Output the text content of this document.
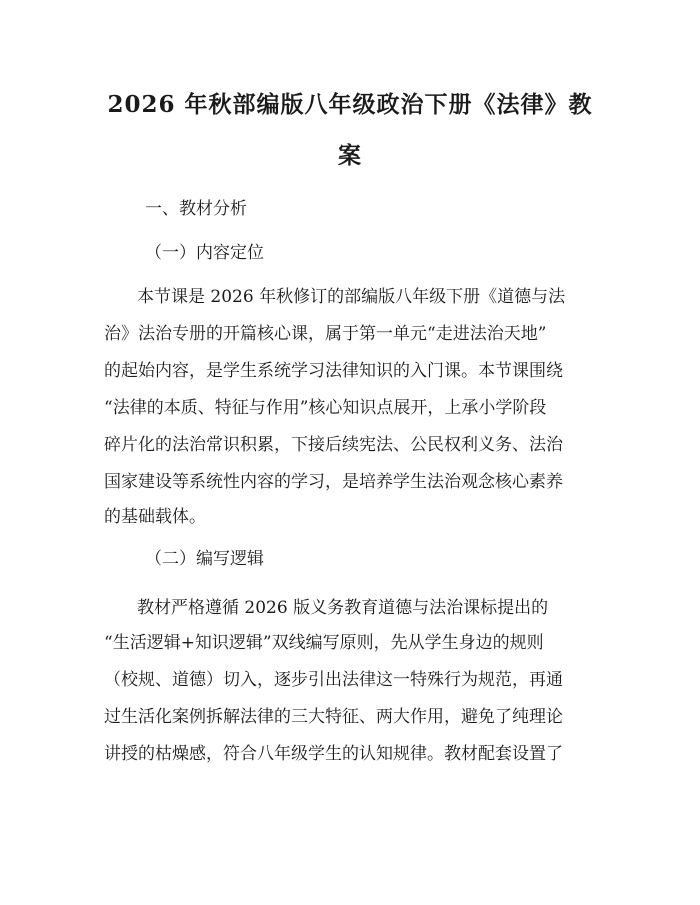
2026 年秋部编版八年级政治下册《法律》教
案
一、教材分析
（一）内容定位
本节课是 2026 年秋修订的部编版八年级下册《道德与法
治》法治专册的开篇核心课，属于第一单元“走进法治天地”
的起始内容，是学生系统学习法律知识的入门课。本节课围绕
“法律的本质、特征与作用”核心知识点展开，上承小学阶段
碎片化的法治常识积累，下接后续宪法、公民权利义务、法治
国家建设等系统性内容的学习，是培养学生法治观念核心素养
的基础载体。
（二）编写逻辑
教材严格遵循 2026 版义务教育道德与法治课标提出的
“生活逻辑+知识逻辑”双线编写原则，先从学生身边的规则
（校规、道德）切入，逐步引出法律这一特殊行为规范，再通
过生活化案例拆解法律的三大特征、两大作用，避免了纯理论
讲授的枯燥感，符合八年级学生的认知规律。教材配套设置了
